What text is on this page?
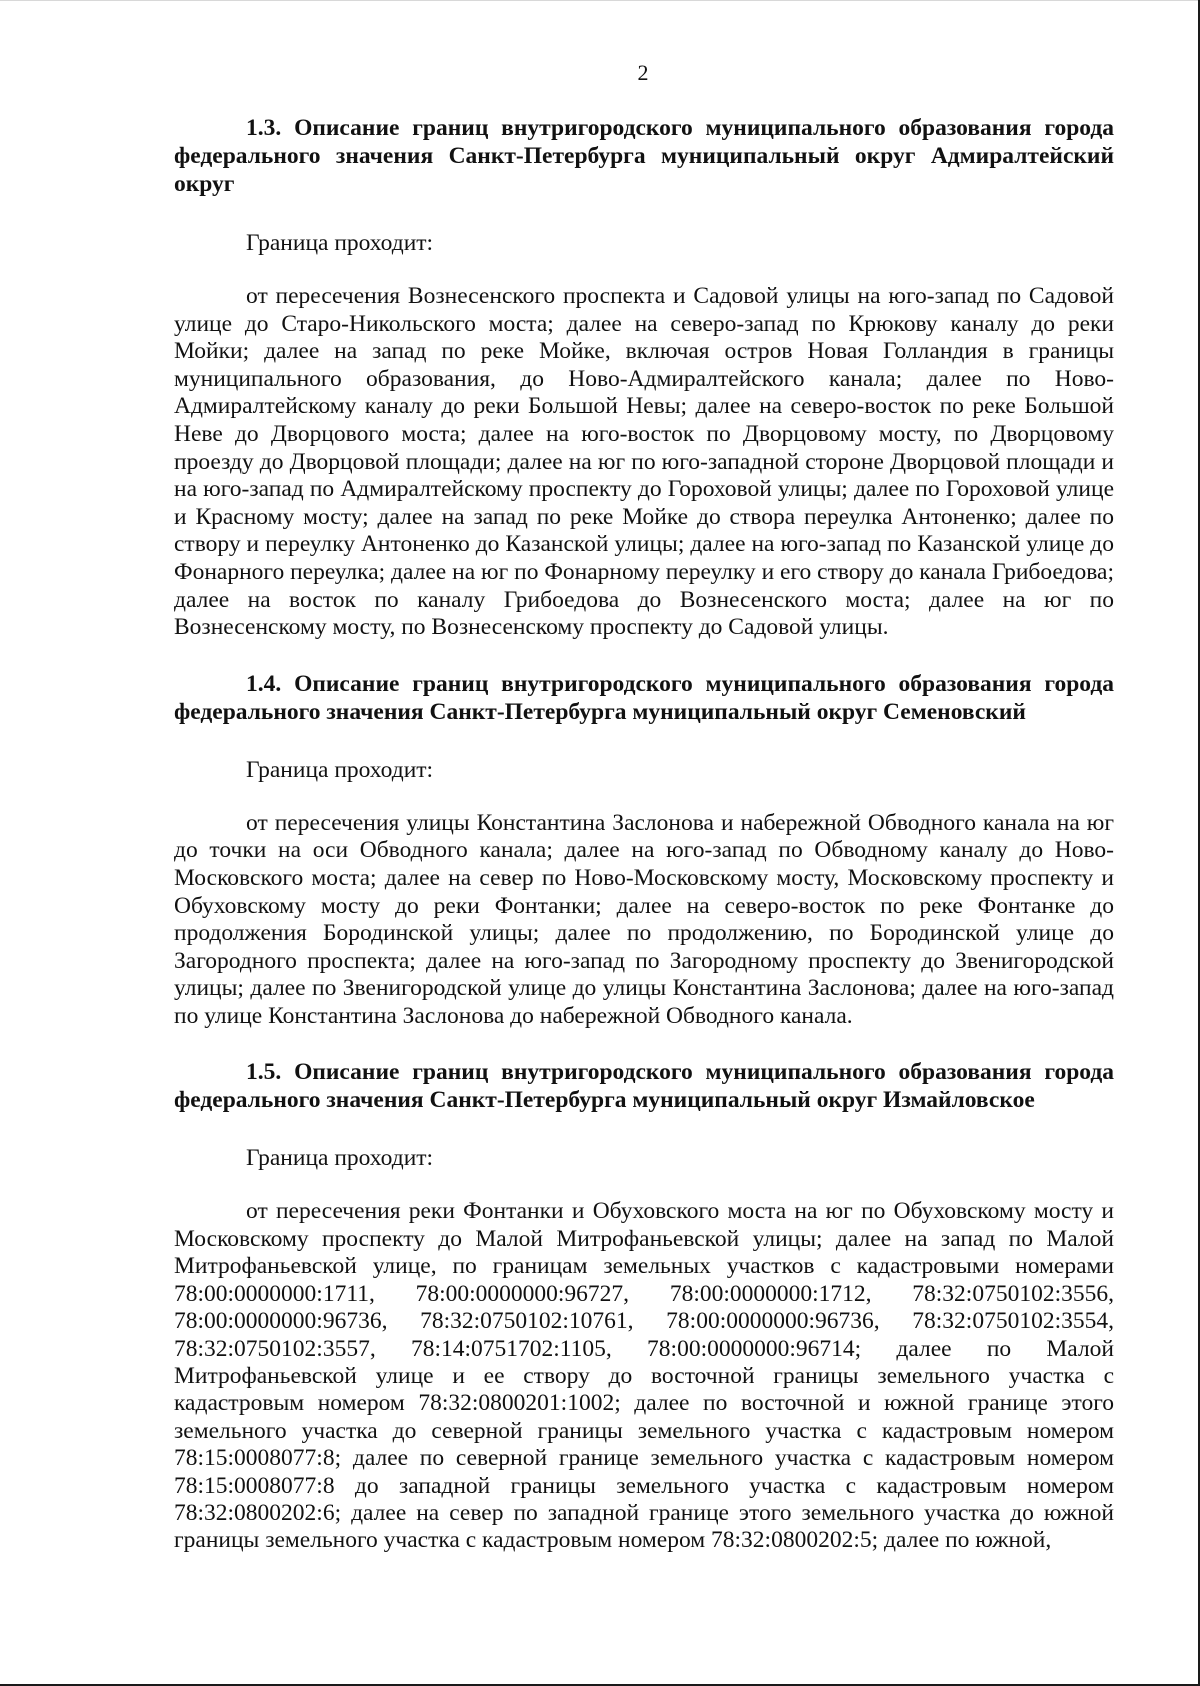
2

1.3. Описание границ внутригородского муниципального образования города федерального значения Санкт-Петербурга муниципальный округ Адмиралтейский округ

Граница проходит:

от пересечения Вознесенского проспекта и Садовой улицы на юго-запад по Садовой улице до Старо-Никольского моста; далее на северо-запад по Крюкову каналу до реки Мойки; далее на запад по реке Мойке, включая остров Новая Голландия в границы муниципального образования, до Ново-Адмиралтейского канала; далее по Ново-Адмиралтейскому каналу до реки Большой Невы; далее на северо-восток по реке Большой Неве до Дворцового моста; далее на юго-восток по Дворцовому мосту, по Дворцовому проезду до Дворцовой площади; далее на юг по юго-западной стороне Дворцовой площади и на юго-запад по Адмиралтейскому проспекту до Гороховой улицы; далее по Гороховой улице и Красному мосту; далее на запад по реке Мойке до створа переулка Антоненко; далее по створу и переулку Антоненко до Казанской улицы; далее на юго-запад по Казанской улице до Фонарного переулка; далее на юг по Фонарному переулку и его створу до канала Грибоедова; далее на восток по каналу Грибоедова до Вознесенского моста; далее на юг по Вознесенскому мосту, по Вознесенскому проспекту до Садовой улицы.

1.4. Описание границ внутригородского муниципального образования города федерального значения Санкт-Петербурга муниципальный округ Семеновский

Граница проходит:

от пересечения улицы Константина Заслонова и набережной Обводного канала на юг до точки на оси Обводного канала; далее на юго-запад по Обводному каналу до Ново-Московского моста; далее на север по Ново-Московскому мосту, Московскому проспекту и Обуховскому мосту до реки Фонтанки; далее на северо-восток по реке Фонтанке до продолжения Бородинской улицы; далее по продолжению, по Бородинской улице до Загородного проспекта; далее на юго-запад по Загородному проспекту до Звенигородской улицы; далее по Звенигородской улице до улицы Константина Заслонова; далее на юго-запад по улице Константина Заслонова до набережной Обводного канала.

1.5. Описание границ внутригородского муниципального образования города федерального значения Санкт-Петербурга муниципальный округ Измайловское

Граница проходит:

от пересечения реки Фонтанки и Обуховского моста на юг по Обуховскому мосту и Московскому проспекту до Малой Митрофаньевской улицы; далее на запад по Малой Митрофаньевской улице, по границам земельных участков с кадастровыми номерами 78:00:0000000:1711, 78:00:0000000:96727, 78:00:0000000:1712, 78:32:0750102:3556, 78:00:0000000:96736, 78:32:0750102:10761, 78:00:0000000:96736, 78:32:0750102:3554, 78:32:0750102:3557, 78:14:0751702:1105, 78:00:0000000:96714; далее по Малой Митрофаньевской улице и ее створу до восточной границы земельного участка с кадастровым номером 78:32:0800201:1002; далее по восточной и южной границе этого земельного участка до северной границы земельного участка с кадастровым номером 78:15:0008077:8; далее по северной границе земельного участка с кадастровым номером 78:15:0008077:8 до западной границы земельного участка с кадастровым номером 78:32:0800202:6; далее на север по западной границе этого земельного участка до южной границы земельного участка с кадастровым номером 78:32:0800202:5; далее по южной,
